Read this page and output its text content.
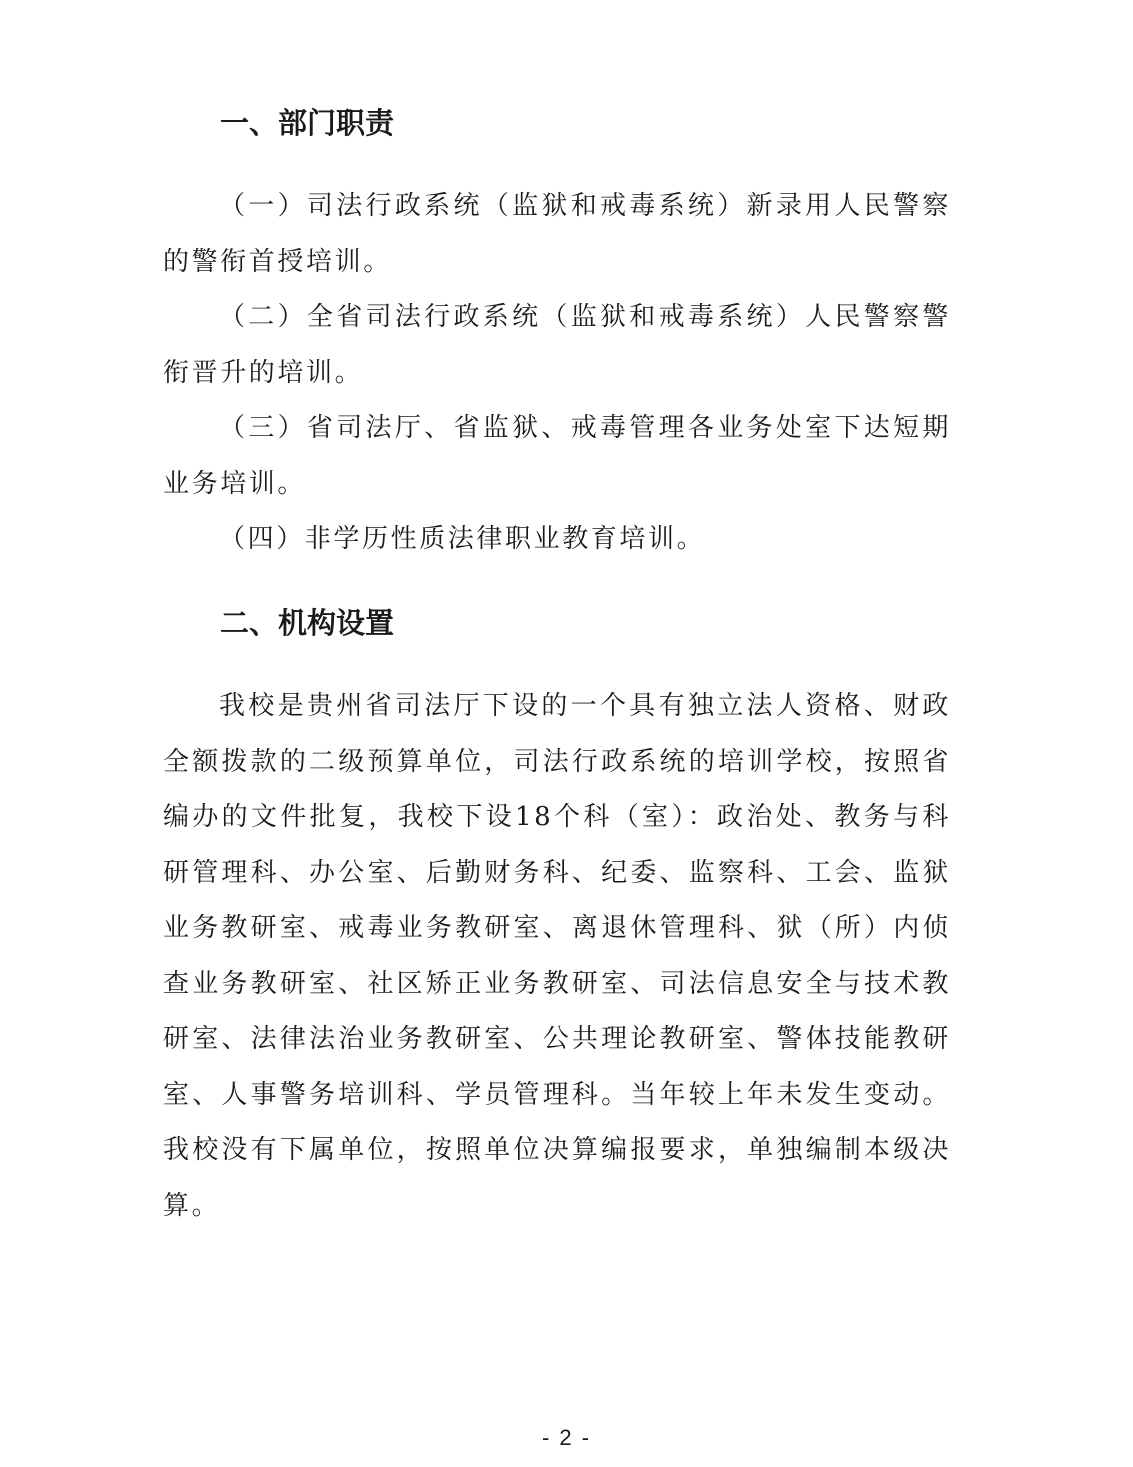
一、部门职责
（一）司法行政系统（监狱和戒毒系统）新录用人民警察的警衔首授培训。
（二）全省司法行政系统（监狱和戒毒系统）人民警察警衔晋升的培训。
（三）省司法厅、省监狱、戒毒管理各业务处室下达短期业务培训。
（四）非学历性质法律职业教育培训。
二、机构设置
我校是贵州省司法厅下设的一个具有独立法人资格、财政全额拨款的二级预算单位，司法行政系统的培训学校，按照省编办的文件批复，我校下设18个科（室）：政治处、教务与科研管理科、办公室、后勤财务科、纪委、监察科、工会、监狱业务教研室、戒毒业务教研室、离退休管理科、狱（所）内侦查业务教研室、社区矫正业务教研室、司法信息安全与技术教研室、法律法治业务教研室、公共理论教研室、警体技能教研室、人事警务培训科、学员管理科。当年较上年未发生变动。我校没有下属单位，按照单位决算编报要求，单独编制本级决算。
- 2 -
